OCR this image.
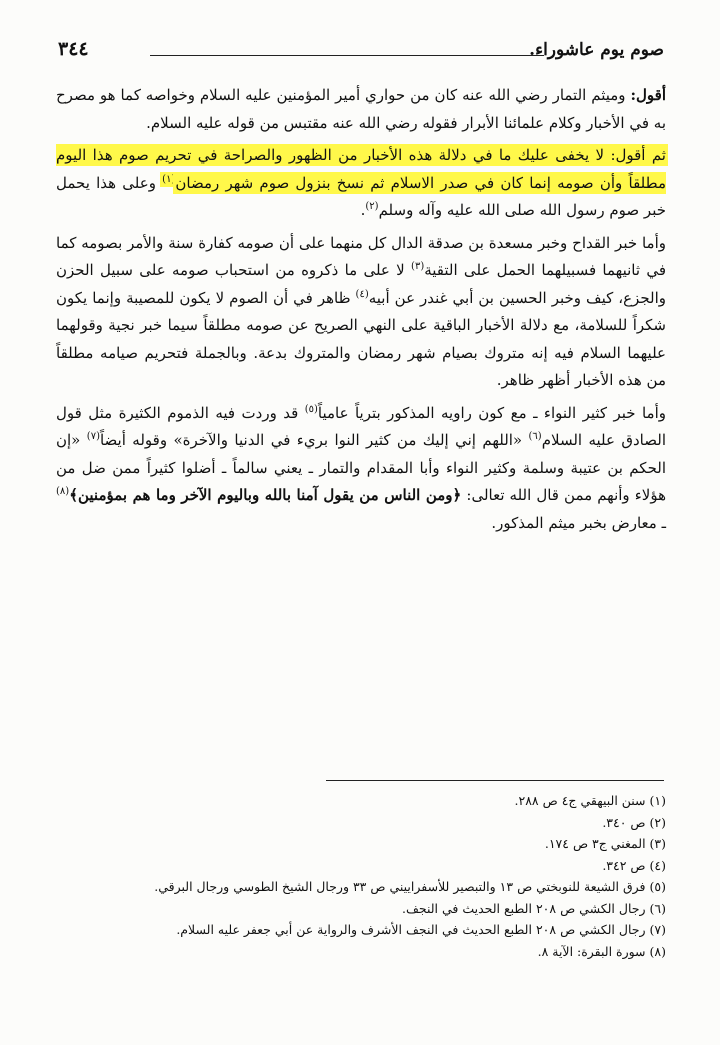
صوم يوم عاشوراء.
٣٤٤

أقول: وميثم التمار رضي الله عنه كان من حواري أمير المؤمنين عليه السلام وخواصه كما هو مصرح به في الأخبار وكلام علمائنا الأبرار فقوله رضي الله عنه مقتبس من قوله عليه السلام.

ثم أقول: لا يخفى عليك ما في دلالة هذه الأخبار من الظهور والصراحة في تحريم صوم هذا اليوم مطلقاً وأن صومه إنما كان في صدر الاسلام ثم نسخ بنزول صوم شهر رمضان$^{(١)}$ وعلى هذا يحمل خبر صوم رسول الله صلى الله عليه وآله وسلم$^{(٢)}$.

وأما خبر القداح وخبر مسعدة بن صدقة الدال كل منهما على أن صومه كفارة سنة والأمر بصومه كما في ثانيهما فسبيلهما الحمل على التقية$^{(٣)}$ لا على ما ذكروه من استحباب صومه على سبيل الحزن والجزع، كيف وخبر الحسين بن أبي غندر عن أبيه$^{(٤)}$ ظاهر في أن الصوم لا يكون للمصيبة وإنما يكون شكراً للسلامة، مع دلالة الأخبار الباقية على النهي الصريح عن صومه مطلقاً سيما خبر نجية وقولهما عليهما السلام فيه إنه متروك بصيام شهر رمضان والمتروك بدعة. وبالجملة فتحريم صيامه مطلقاً من هذه الأخبار أظهر ظاهر.

وأما خبر كثير النواء ـ مع كون راويه المذكور بترياً عامياً$^{(٥)}$ قد وردت فيه الذموم الكثيرة مثل قول الصادق عليه السلام$^{(٦)}$ «اللهم إني إليك من كثير النوا بريء في الدنيا والآخرة» وقوله أيضاً$^{(٧)}$ «إن الحكم بن عتيبة وسلمة وكثير النواء وأبا المقدام والتمار ـ يعني سالماً ـ أضلوا كثيراً ممن ضل من هؤلاء وأنهم ممن قال الله تعالى: ﴿ومن الناس من يقول آمنا بالله وباليوم الآخر وما هم بمؤمنين﴾$^{(٨)}$ ـ معارض بخبر ميثم المذكور.

(١) سنن البيهقي ج٤ ص ٢٨٨.

(٢) ص ٣٤٠.

(٣) المغني ج٣ ص ١٧٤.

(٤) ص ٣٤٢.

(٥) فرق الشيعة للنوبختي ص ١٣ والتبصير للأسفراييني ص ٣٣ ورجال الشيخ الطوسي ورجال البرقي.

(٦) رجال الكشي ص ٢٠٨ الطبع الحديث في النجف.

(٧) رجال الكشي ص ٢٠٨ الطبع الحديث في النجف الأشرف والرواية عن أبي جعفر عليه السلام.

(٨) سورة البقرة: الآية ٨.
